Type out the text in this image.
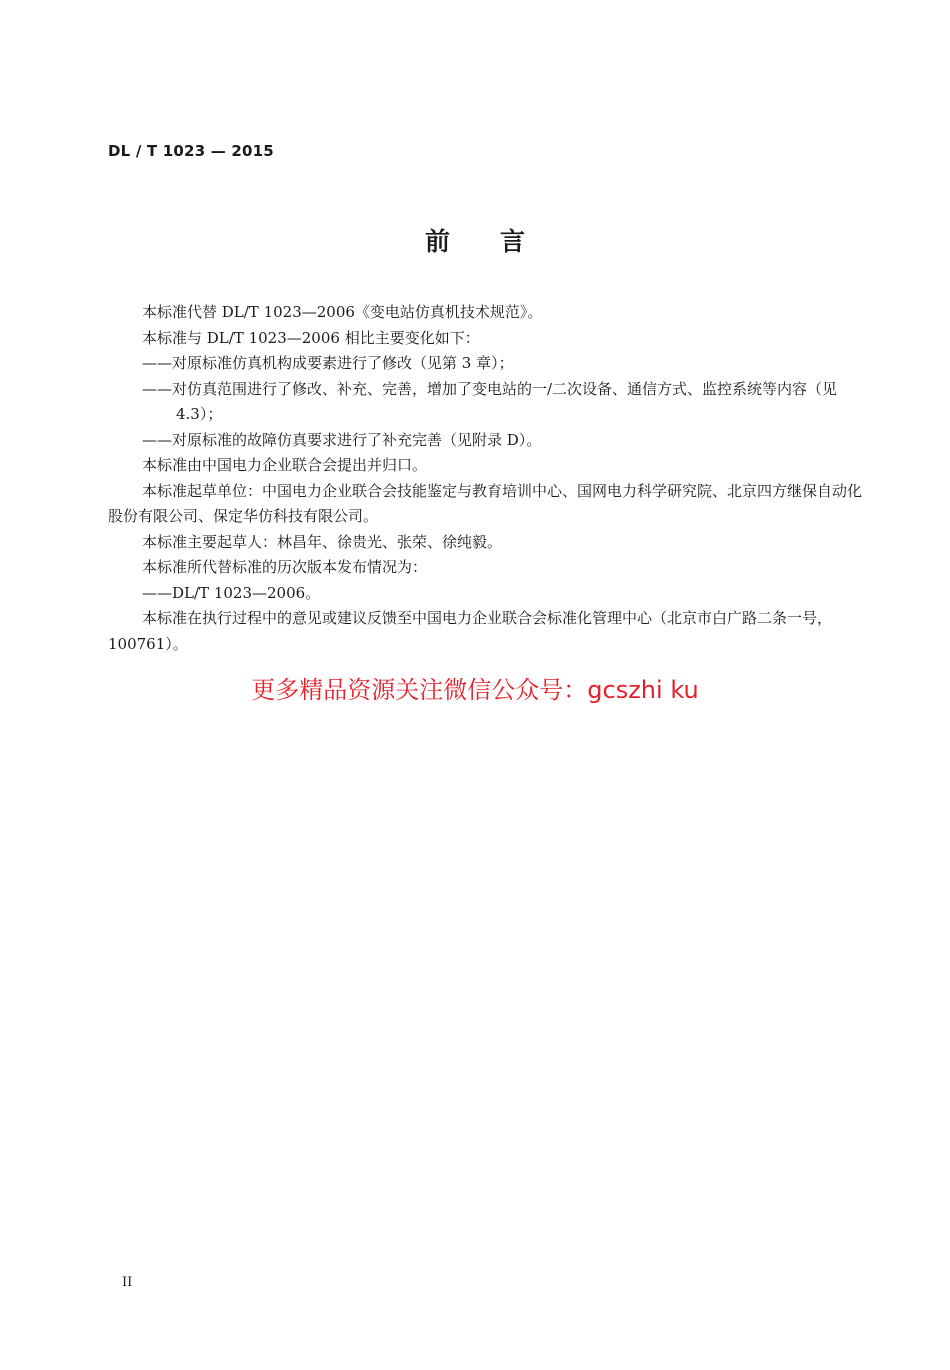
DL / T 1023 — 2015
前　　言

本标准代替 DL/T 1023—2006《变电站仿真机技术规范》。

本标准与 DL/T 1023—2006 相比主要变化如下：

——对原标准仿真机构成要素进行了修改（见第 3 章）；

——对仿真范围进行了修改、补充、完善，增加了变电站的一/二次设备、通信方式、监控系统等内容（见 4.3）；

——对原标准的故障仿真要求进行了补充完善（见附录 D）。

本标准由中国电力企业联合会提出并归口。

本标准起草单位：中国电力企业联合会技能鉴定与教育培训中心、国网电力科学研究院、北京四方继保自动化股份有限公司、保定华仿科技有限公司。

本标准主要起草人：林昌年、徐贵光、张荣、徐纯毅。

本标准所代替标准的历次版本发布情况为：

——DL/T 1023—2006。

本标准在执行过程中的意见或建议反馈至中国电力企业联合会标准化管理中心（北京市白广路二条一号，100761）。

更多精品资源关注微信公众号：gcszhi ku
II
